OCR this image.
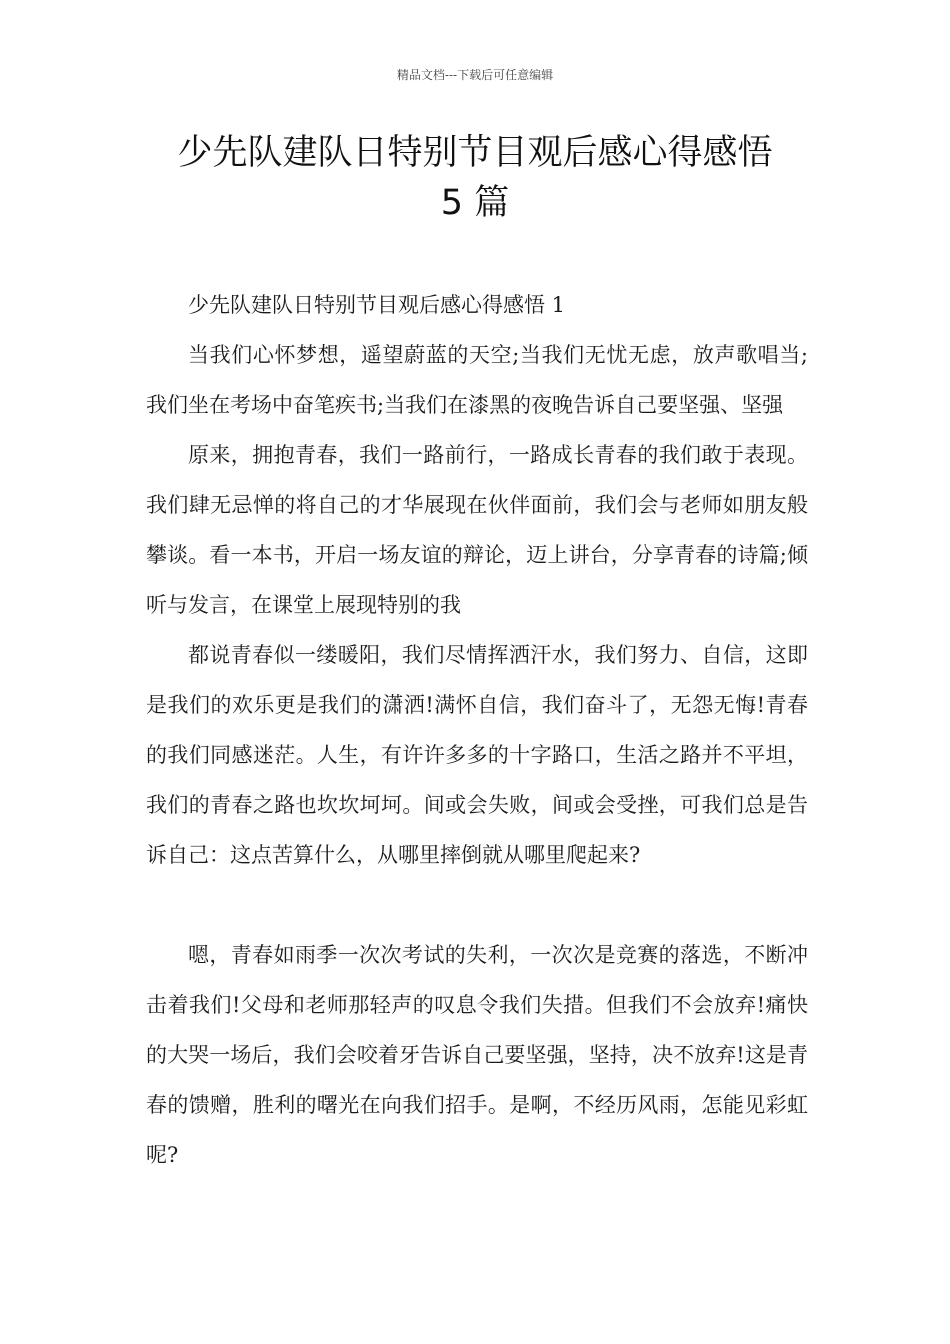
精品文档---下载后可任意编辑
少先队建队日特别节目观后感心得感悟
5 篇

少先队建队日特别节目观后感心得感悟 1

当我们心怀梦想，遥望蔚蓝的天空;当我们无忧无虑，放声歌唱当;我们坐在考场中奋笔疾书;当我们在漆黑的夜晚告诉自己要坚强、坚强

原来，拥抱青春，我们一路前行，一路成长青春的我们敢于表现。我们肆无忌惮的将自己的才华展现在伙伴面前，我们会与老师如朋友般攀谈。看一本书，开启一场友谊的辩论，迈上讲台，分享青春的诗篇;倾听与发言，在课堂上展现特别的我

都说青春似一缕暖阳，我们尽情挥洒汗水，我们努力、自信，这即是我们的欢乐更是我们的潇洒!满怀自信，我们奋斗了，无怨无悔!青春的我们同感迷茫。人生，有许许多多的十字路口，生活之路并不平坦，我们的青春之路也坎坎坷坷。间或会失败，间或会受挫，可我们总是告诉自己：这点苦算什么，从哪里摔倒就从哪里爬起来?

嗯，青春如雨季一次次考试的失利，一次次是竞赛的落选，不断冲击着我们!父母和老师那轻声的叹息令我们失措。但我们不会放弃!痛快的大哭一场后，我们会咬着牙告诉自己要坚强，坚持，决不放弃!这是青春的馈赠，胜利的曙光在向我们招手。是啊，不经历风雨，怎能见彩虹呢?
